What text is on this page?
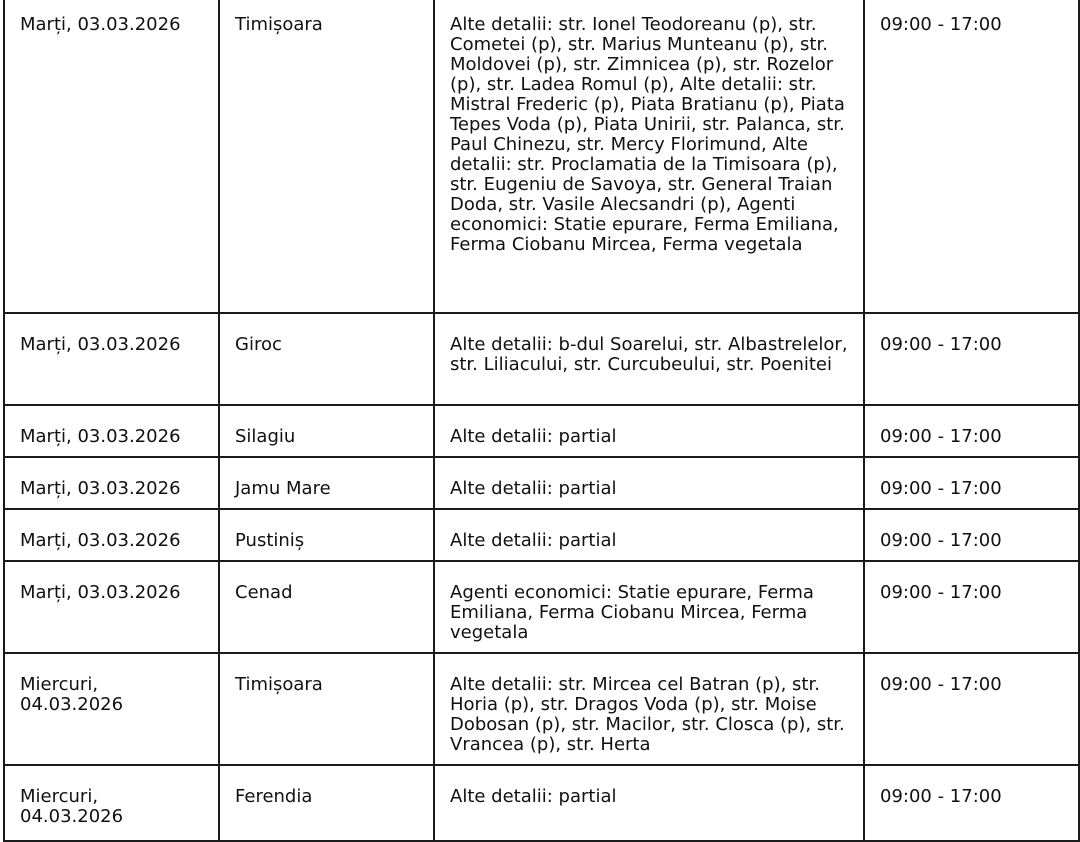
Marți, 03.03.2026	Timișoara	Alte detalii: str. Ionel Teodoreanu (p), str. Cometei (p), str. Marius Munteanu (p), str. Moldovei (p), str. Zimnicea (p), str. Rozelor (p), str. Ladea Romul (p), Alte detalii: str. Mistral Frederic (p), Piata Bratianu (p), Piata Tepes Voda (p), Piata Unirii, str. Palanca, str. Paul Chinezu, str. Mercy Florimund, Alte detalii: str. Proclamatia de la Timisoara (p), str. Eugeniu de Savoya, str. General Traian Doda, str. Vasile Alecsandri (p), Agenti economici: Statie epurare, Ferma Emiliana, Ferma Ciobanu Mircea, Ferma vegetala	09:00 - 17:00
Marți, 03.03.2026	Giroc	Alte detalii: b-dul Soarelui, str. Albastrelelor, str. Liliacului, str. Curcubeului, str. Poenitei	09:00 - 17:00
Marți, 03.03.2026	Silagiu	Alte detalii: partial	09:00 - 17:00
Marți, 03.03.2026	Jamu Mare	Alte detalii: partial	09:00 - 17:00
Marți, 03.03.2026	Pustiniș	Alte detalii: partial	09:00 - 17:00
Marți, 03.03.2026	Cenad	Agenti economici: Statie epurare, Ferma Emiliana, Ferma Ciobanu Mircea, Ferma vegetala	09:00 - 17:00
Miercuri, 04.03.2026	Timișoara	Alte detalii: str. Mircea cel Batran (p), str. Horia (p), str. Dragos Voda (p), str. Moise Dobosan (p), str. Macilor, str. Closca (p), str. Vrancea (p), str. Herta	09:00 - 17:00
Miercuri, 04.03.2026	Ferendia	Alte detalii: partial	09:00 - 17:00
